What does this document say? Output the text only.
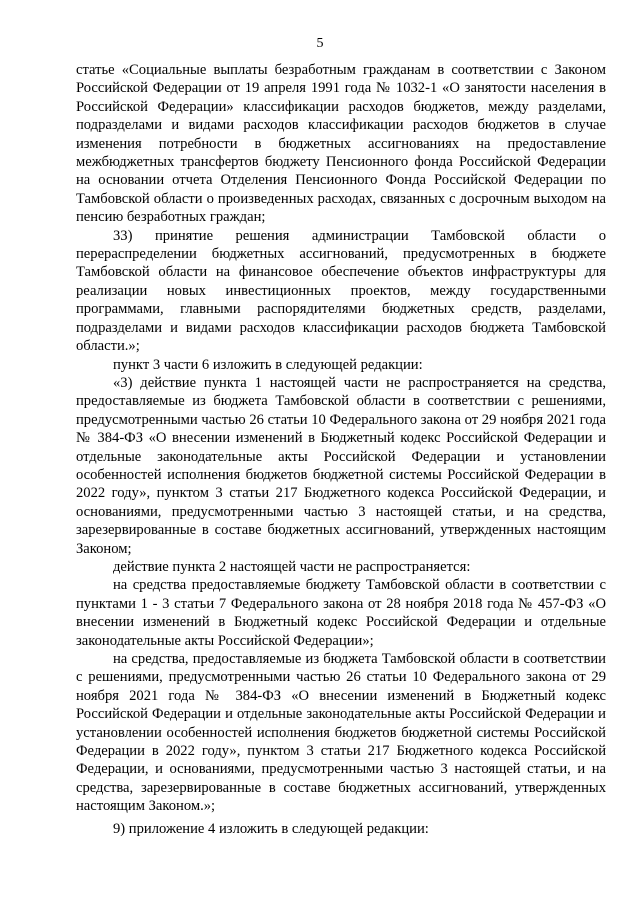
5

статье «Социальные выплаты безработным гражданам в соответствии с Законом Российской Федерации от 19 апреля 1991 года № 1032-1 «О занятости населения в Российской Федерации» классификации расходов бюджетов, между разделами, подразделами и видами расходов классификации расходов бюджетов в случае изменения потребности в бюджетных ассигнованиях на предоставление межбюджетных трансфертов бюджету Пенсионного фонда Российской Федерации на основании отчета Отделения Пенсионного Фонда Российской Федерации по Тамбовской области о произведенных расходах, связанных с досрочным выходом на пенсию безработных граждан;

33) принятие решения администрации Тамбовской области о перераспределении бюджетных ассигнований, предусмотренных в бюджете Тамбовской области на финансовое обеспечение объектов инфраструктуры для реализации новых инвестиционных проектов, между государственными программами, главными распорядителями бюджетных средств, разделами, подразделами и видами расходов классификации расходов бюджета Тамбовской области.»;

пункт 3 части 6 изложить в следующей редакции:

«3) действие пункта 1 настоящей части не распространяется на средства, предоставляемые из бюджета Тамбовской области в соответствии с решениями, предусмотренными частью 26 статьи 10 Федерального закона от 29 ноября 2021 года № 384-ФЗ «О внесении изменений в Бюджетный кодекс Российской Федерации и отдельные законодательные акты Российской Федерации и установлении особенностей исполнения бюджетов бюджетной системы Российской Федерации в 2022 году», пунктом 3 статьи 217 Бюджетного кодекса Российской Федерации, и основаниями, предусмотренными частью 3 настоящей статьи, и на средства, зарезервированные в составе бюджетных ассигнований, утвержденных настоящим Законом;

действие пункта 2 настоящей части не распространяется:

на средства предоставляемые бюджету Тамбовской области в соответствии с пунктами 1 - 3 статьи 7 Федерального закона от 28 ноября 2018 года № 457-ФЗ «О внесении изменений в Бюджетный кодекс Российской Федерации и отдельные законодательные акты Российской Федерации»;

на средства, предоставляемые из бюджета Тамбовской области в соответствии с решениями, предусмотренными частью 26 статьи 10 Федерального закона от 29 ноября 2021 года № 384-ФЗ «О внесении изменений в Бюджетный кодекс Российской Федерации и отдельные законодательные акты Российской Федерации и установлении особенностей исполнения бюджетов бюджетной системы Российской Федерации в 2022 году», пунктом 3 статьи 217 Бюджетного кодекса Российской Федерации, и основаниями, предусмотренными частью 3 настоящей статьи, и на средства, зарезервированные в составе бюджетных ассигнований, утвержденных настоящим Законом.»;

9) приложение 4 изложить в следующей редакции:
